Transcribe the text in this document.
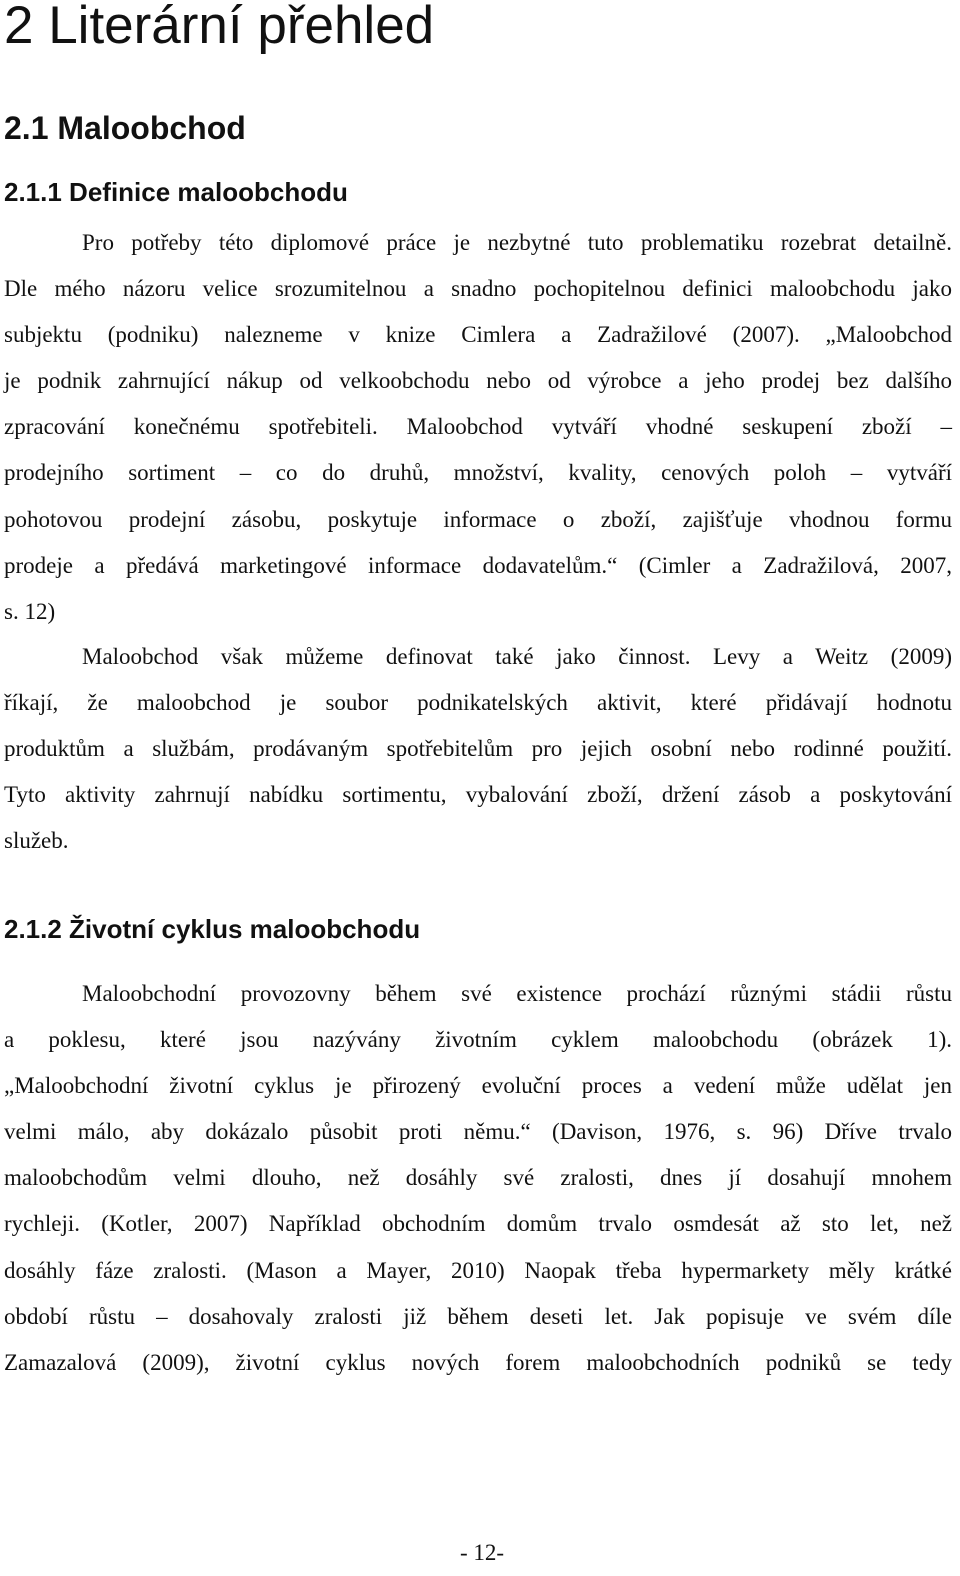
2 Literární přehled
2.1 Maloobchod
2.1.1 Definice maloobchodu
Pro potřeby této diplomové práce je nezbytné tuto problematiku rozebrat detailně.
Dle mého názoru velice srozumitelnou a snadno pochopitelnou definici maloobchodu jako
subjektu (podniku) nalezneme v knize Cimlera a Zadražilové (2007). „Maloobchod
je podnik zahrnující nákup od velkoobchodu nebo od výrobce a jeho prodej bez dalšího
zpracování konečnému spotřebiteli. Maloobchod vytváří vhodné seskupení zboží –
prodejního sortiment – co do druhů, množství, kvality, cenových poloh – vytváří
pohotovou prodejní zásobu, poskytuje informace o zboží, zajišťuje vhodnou formu
prodeje a předává marketingové informace dodavatelům.“ (Cimler a Zadražilová, 2007,
s. 12)
Maloobchod však můžeme definovat také jako činnost. Levy a Weitz (2009)
říkají, že maloobchod je soubor podnikatelských aktivit, které přidávají hodnotu
produktům a službám, prodávaným spotřebitelům pro jejich osobní nebo rodinné použití.
Tyto aktivity zahrnují nabídku sortimentu, vybalování zboží, držení zásob a poskytování
služeb.
2.1.2 Životní cyklus maloobchodu
Maloobchodní provozovny během své existence prochází různými stádii růstu
a poklesu, které jsou nazývány životním cyklem maloobchodu (obrázek 1).
„Maloobchodní životní cyklus je přirozený evoluční proces a vedení může udělat jen
velmi málo, aby dokázalo působit proti němu.“ (Davison, 1976, s. 96) Dříve trvalo
maloobchodům velmi dlouho, než dosáhly své zralosti, dnes jí dosahují mnohem
rychleji. (Kotler, 2007) Například obchodním domům trvalo osmdesát až sto let, než
dosáhly fáze zralosti. (Mason a Mayer, 2010) Naopak třeba hypermarkety měly krátké
období růstu – dosahovaly zralosti již během deseti let. Jak popisuje ve svém díle
Zamazalová (2009), životní cyklus nových forem maloobchodních podniků se tedy
- 12-
